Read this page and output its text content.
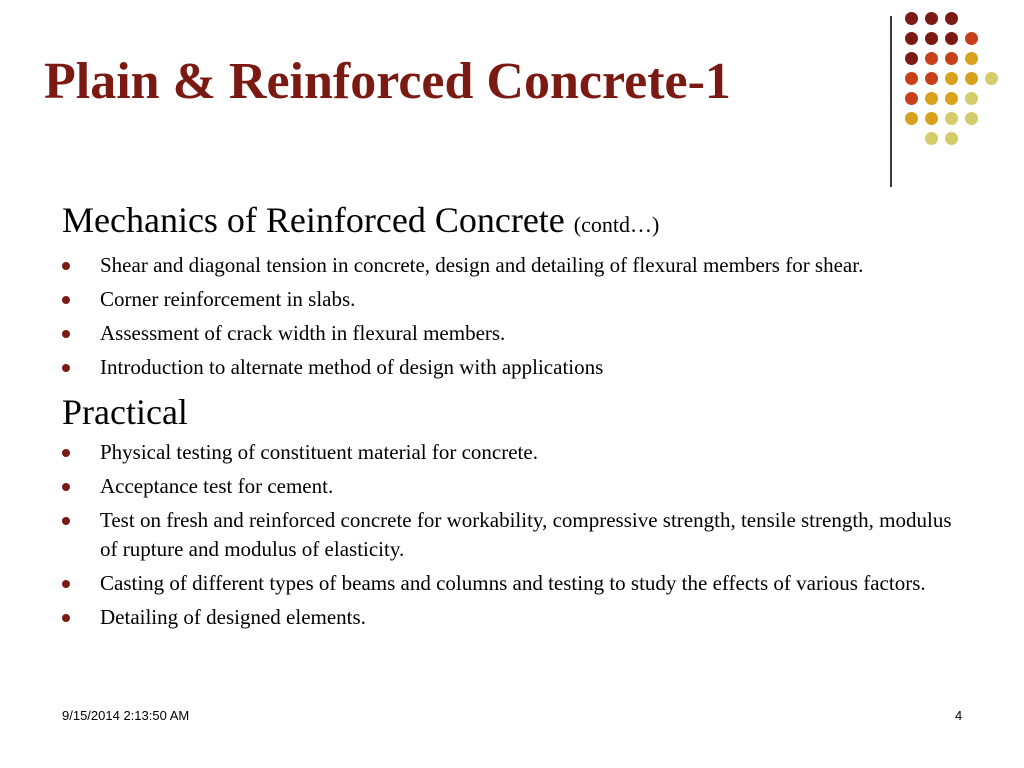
Plain & Reinforced Concrete-1

Mechanics of Reinforced Concrete (contd…)

Shear and diagonal tension in concrete, design and detailing of flexural members for shear.
Corner reinforcement in slabs.
Assessment of crack width in flexural members.
Introduction to alternate method of design with applications

Practical

Physical testing of constituent material for concrete.
Acceptance test for cement.
Test on fresh and reinforced concrete for workability, compressive strength, tensile strength, modulus of rupture and modulus of elasticity.
Casting of different types of beams and columns and testing to study the effects of various factors.
Detailing of designed elements.
9/15/2014 2:13:50 AM	4
